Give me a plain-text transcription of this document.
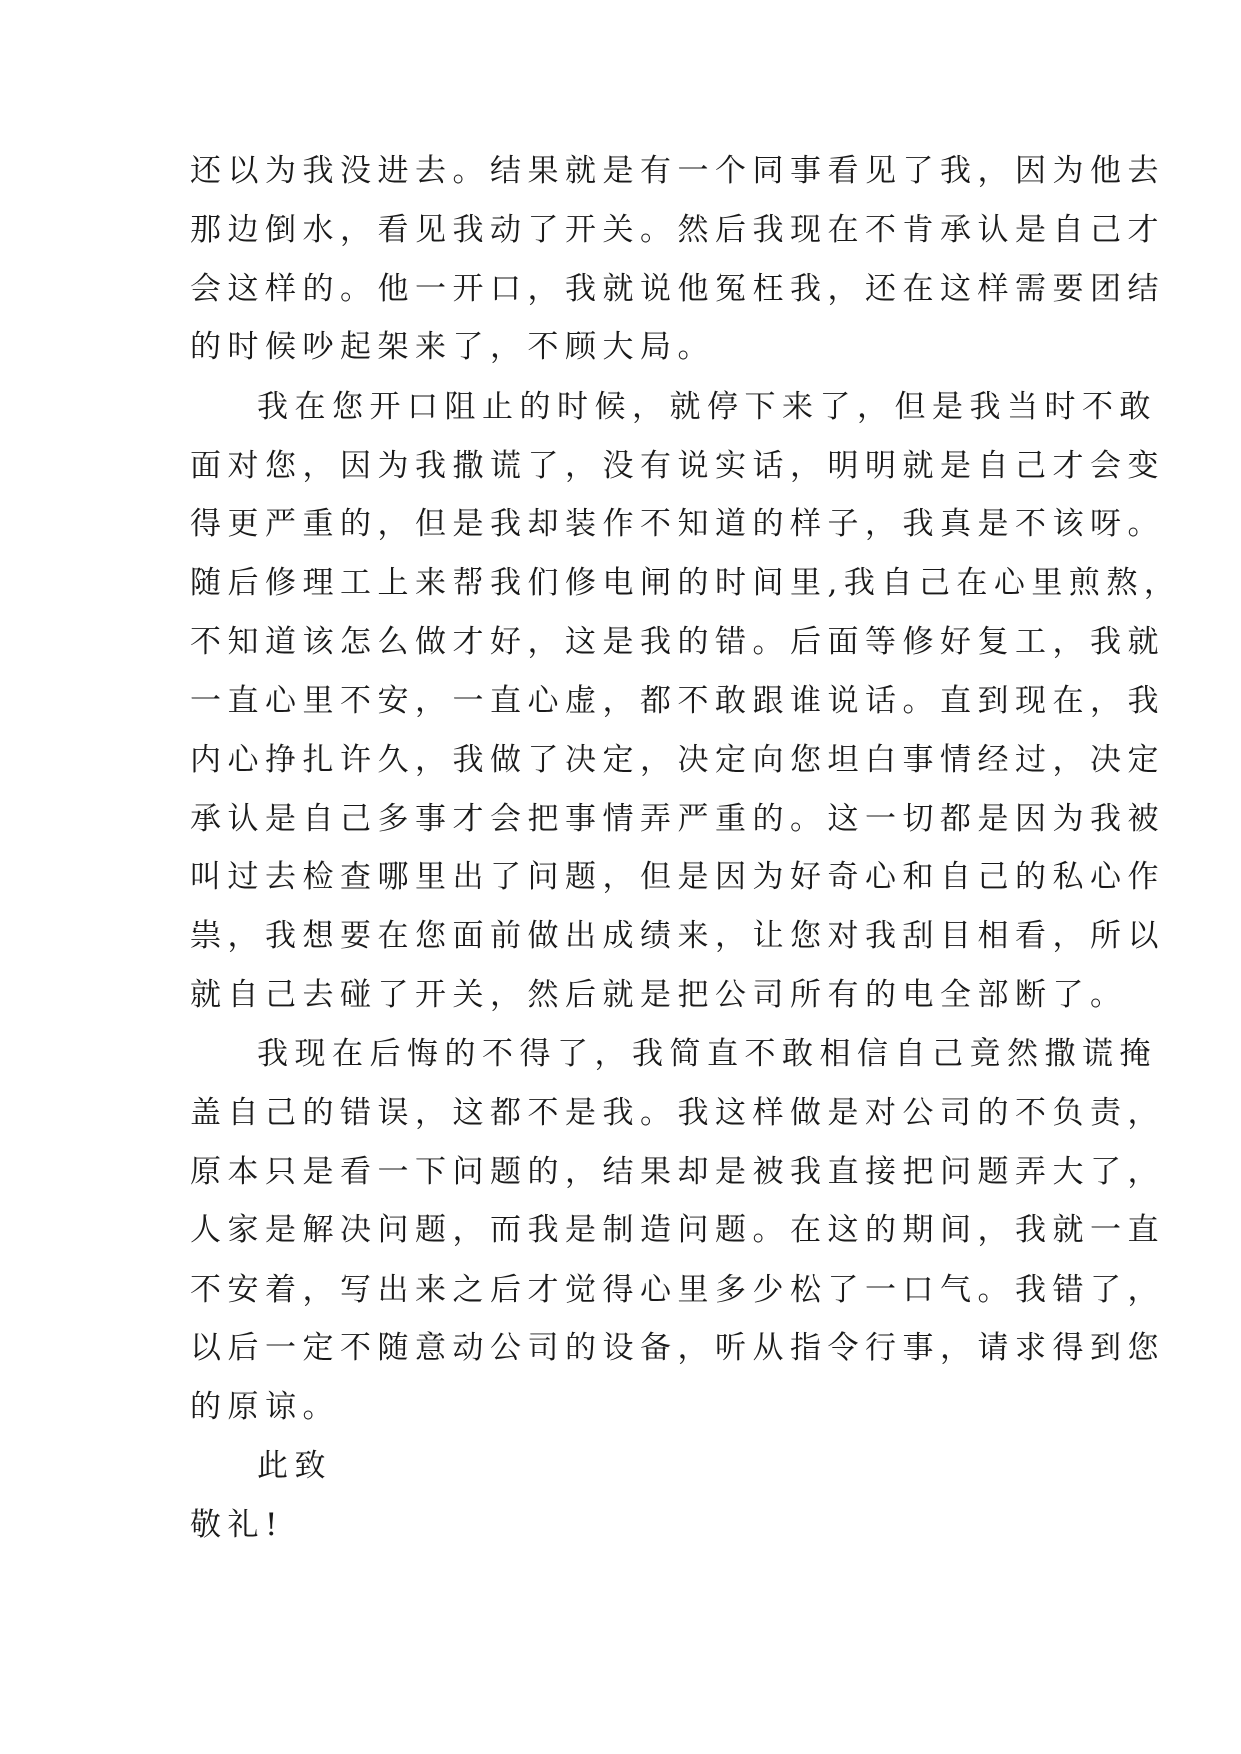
还以为我没进去。结果就是有一个同事看见了我，因为他去
那边倒水，看见我动了开关。然后我现在不肯承认是自己才
会这样的。他一开口，我就说他冤枉我，还在这样需要团结
的时候吵起架来了，不顾大局。
我在您开口阻止的时候，就停下来了，但是我当时不敢
面对您，因为我撒谎了，没有说实话，明明就是自己才会变
得更严重的，但是我却装作不知道的样子，我真是不该呀。
随后修理工上来帮我们修电闸的时间里,我自己在心里煎熬，
不知道该怎么做才好，这是我的错。后面等修好复工，我就
一直心里不安，一直心虚，都不敢跟谁说话。直到现在，我
内心挣扎许久，我做了决定，决定向您坦白事情经过，决定
承认是自己多事才会把事情弄严重的。这一切都是因为我被
叫过去检查哪里出了问题，但是因为好奇心和自己的私心作
祟，我想要在您面前做出成绩来，让您对我刮目相看，所以
就自己去碰了开关，然后就是把公司所有的电全部断了。
我现在后悔的不得了，我简直不敢相信自己竟然撒谎掩
盖自己的错误，这都不是我。我这样做是对公司的不负责，
原本只是看一下问题的，结果却是被我直接把问题弄大了，
人家是解决问题，而我是制造问题。在这的期间，我就一直
不安着，写出来之后才觉得心里多少松了一口气。我错了，
以后一定不随意动公司的设备，听从指令行事，请求得到您
的原谅。
此致
敬礼!
